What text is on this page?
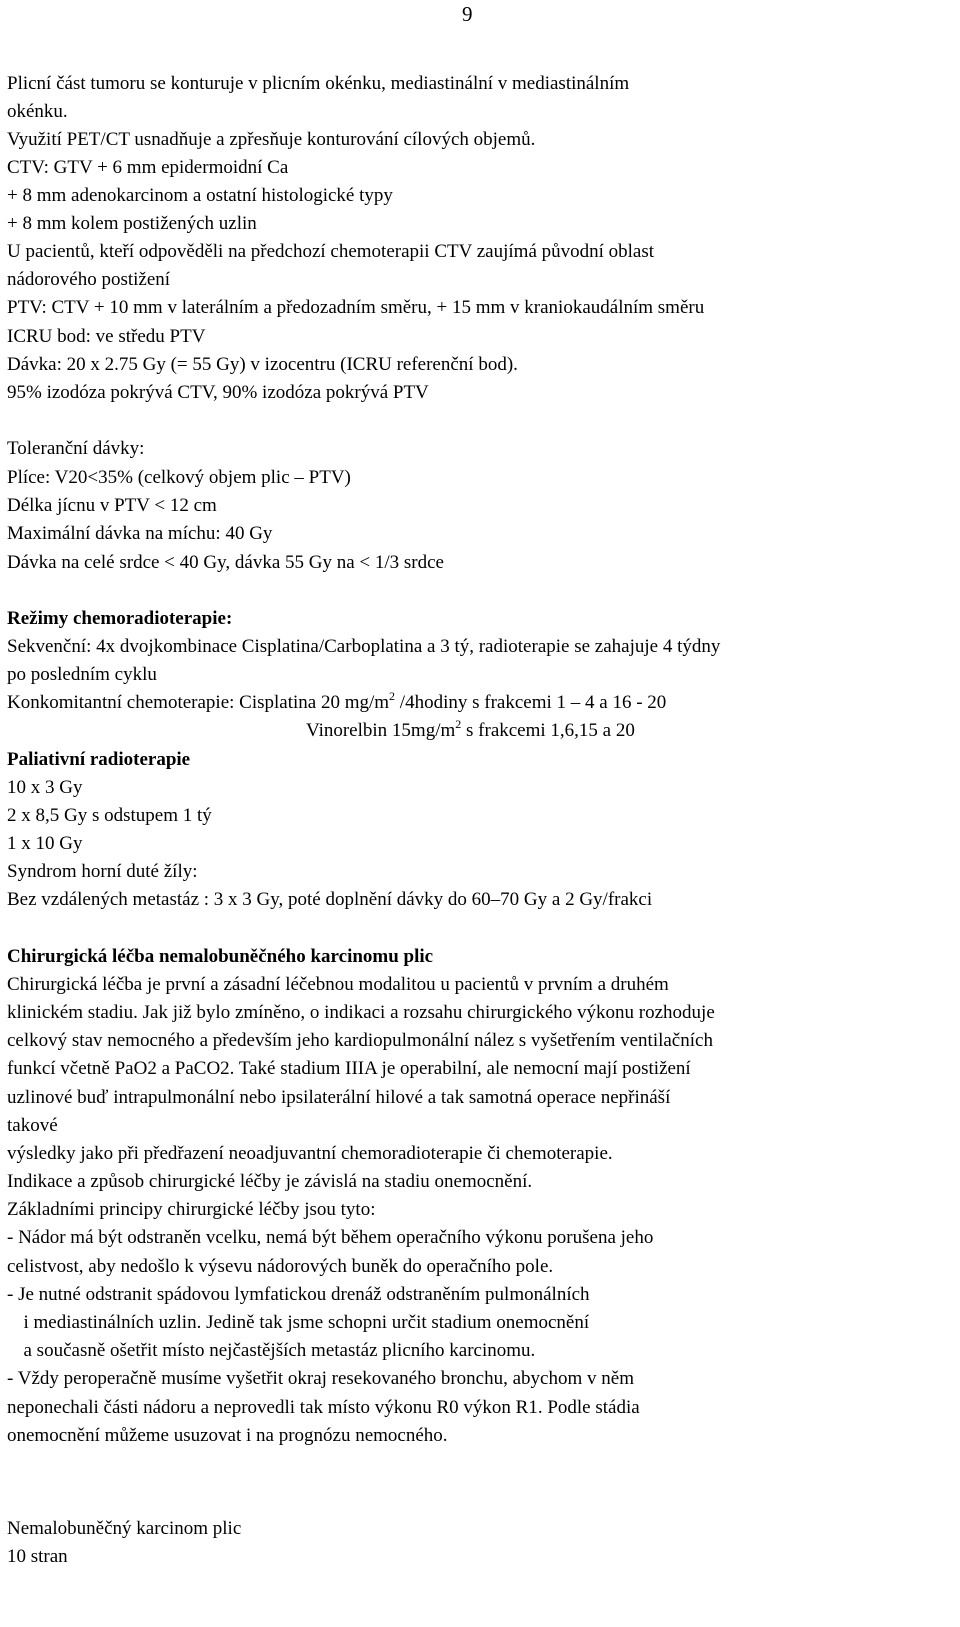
9
Plicní část tumoru se konturuje v plicním okénku, mediastinální v mediastinálním
okénku.
Využití PET/CT usnadňuje a zpřesňuje konturování cílových objemů.
CTV: GTV + 6 mm epidermoidní Ca
+ 8 mm adenokarcinom a ostatní histologické typy
+ 8 mm kolem postižených uzlin
U pacientů, kteří odpověděli na předchozí chemoterapii CTV zaujímá původní oblast
nádorového postižení
PTV: CTV + 10 mm v laterálním a předozadním směru, + 15 mm v kraniokaudálním směru
ICRU bod: ve středu PTV
Dávka: 20 x 2.75 Gy (= 55 Gy) v izocentru (ICRU referenční bod).
95% izodóza pokrývá CTV, 90% izodóza pokrývá PTV
Toleranční dávky:
Plíce: V20<35% (celkový objem plic – PTV)
Délka jícnu v PTV < 12 cm
Maximální dávka na míchu: 40 Gy
Dávka na celé srdce < 40 Gy, dávka 55 Gy na < 1/3 srdce
Režimy chemoradioterapie:
Sekvenční: 4x dvojkombinace Cisplatina/Carboplatina a 3 tý, radioterapie se zahajuje 4 týdny
po posledním cyklu
Konkomitantní chemoterapie: Cisplatina 20 $mg/m^2$ /4hodiny s frakcemi 1 – 4 a 16 - 20
Vinorelbin $15mg/m^2$ s frakcemi 1,6,15 a 20
Paliativní radioterapie
10 x 3 Gy
2 x 8,5 Gy s odstupem 1 tý
1 x 10 Gy
Syndrom horní duté žíly:
Bez vzdálených metastáz : 3 x 3 Gy, poté doplnění dávky do 60–70 Gy a 2 Gy/frakci
Chirurgická léčba nemalobuněčného karcinomu plic
Chirurgická léčba je první a zásadní léčebnou modalitou u pacientů v prvním a druhém
klinickém stadiu. Jak již bylo zmíněno, o indikaci a rozsahu chirurgického výkonu rozhoduje
celkový stav nemocného a především jeho kardiopulmonální nález s vyšetřením ventilačních
funkcí včetně PaO2 a PaCO2. Také stadium IIIA je operabilní, ale nemocní mají postižení
uzlinové buď intrapulmonální nebo ipsilaterální hilové a tak samotná operace nepřináší
takové
výsledky jako při předřazení neoadjuvantní chemoradioterapie či chemoterapie.
Indikace a způsob chirurgické léčby je závislá na stadiu onemocnění.
Základními principy chirurgické léčby jsou tyto:
- Nádor má být odstraněn vcelku, nemá být během operačního výkonu porušena jeho
celistvost, aby nedošlo k výsevu nádorových buněk do operačního pole.
- Je nutné odstranit spádovou lymfatickou drenáž odstraněním pulmonálních
i mediastinálních uzlin. Jedině tak jsme schopni určit stadium onemocnění
a současně ošetřit místo nejčastějších metastáz plicního karcinomu.
- Vždy peroperačně musíme vyšetřit okraj resekovaného bronchu, abychom v něm
neponechali části nádoru a neprovedli tak místo výkonu R0 výkon R1. Podle stádia
onemocnění můžeme usuzovat i na prognózu nemocného.
Nemalobuněčný karcinom plic
10 stran
